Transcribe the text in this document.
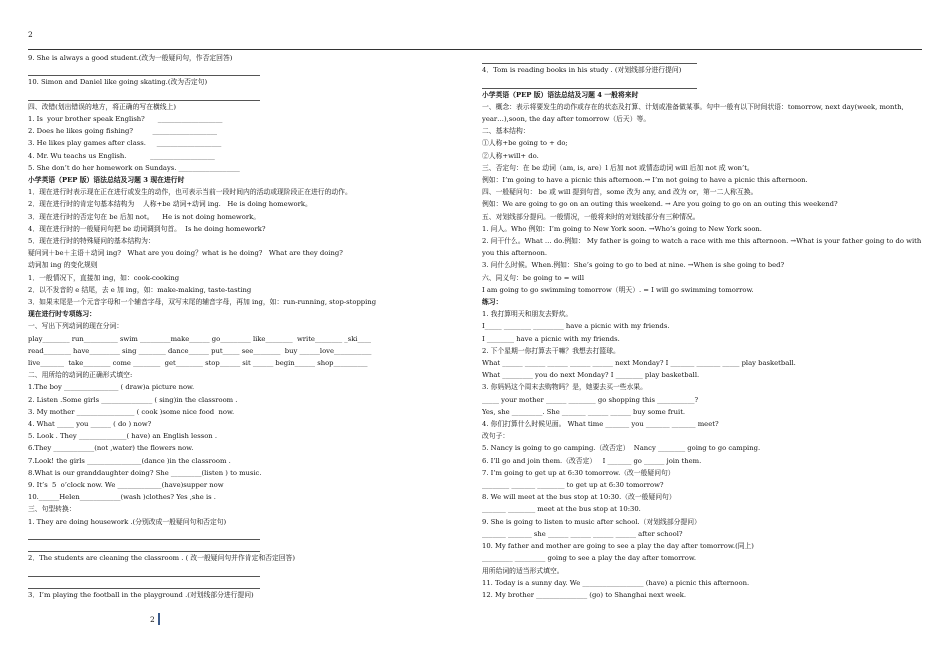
2
9. She is always a good student.(改为一般疑问句，作否定回答)
10. Simon and Daniel like going skating.(改为否定句)
四、改错(划出错误的地方，将正确的写在横线上)
1. Is  your brother speak English?      ___________________
2. Does he likes going fishing?         ___________________
3. He likes play games after class.     ___________________
4. Mr. Wu teachs us English.           ___________________
5. She don’t do her homework on Sundays. __________________
小学英语（PEP 版）语法总结及习题 3 现在进行时
1．现在进行时表示现在正在进行或发生的动作，也可表示当前一段时间内的活动或现阶段正在进行的动作。
2．现在进行时的肯定句基本结构为    人称+be 动词+动词 ing.   He is doing homework。
3．现在进行时的否定句在 be 后加 not。    He is not doing homework。
4．现在进行时的一般疑问句把 be 动词调到句首。  Is he doing homework?
5．现在进行时的特殊疑问的基本结构为：
疑问词＋be＋主语＋动词 ing?   What are you doing？what is he doing?   What are they doing?
动词加 ing 的变化规则
1．一般情况下，直接加 ing，如：cook-cooking
2．以不发音的 e 结尾，去 e 加 ing，如：make-making, taste-tasting
3．如果末尾是一个元音字母和一个辅音字母，双写末尾的辅音字母，再加 ing，如：run-running, stop-stopping
现在进行时专项练习：
一、写出下列动词的现在分词：
play________ run__________ swim _________make______ go_________ like________  write________ _ski____
read________ have_________ sing ________ dance______ put_____ see________  buy ______love___________
live_______  take________ come ________  get________ stop______ sit ______ begin______ shop__________
二、用所给的动词的正确形式填空:
1.The boy ________________ ( draw)a picture now.
2. Listen .Some girls _______________ ( sing)in the classroom .
3. My mother _________________ ( cook )some nice food  now.
4. What _____ you ______ ( do ) now?
5. Look . They ______________( have) an English lesson .
6.They ____________(not ,water) the flowers now.
7.Look! the girls ________________(dance )in the classroom .
8.What is our granddaughter doing? She _________(listen ) to music.
9. It’s  5  o’clock now. We _____________(have)supper now
10.______Helen____________(wash )clothes? Yes ,she is .
三、句型转换：
1. They are doing housework .(分别改成一般疑问句和否定句)
2．The students are cleaning the classroom . ( 改一般疑问句并作肯定和否定回答)
3．I’m playing the football in the playground .(对划线部分进行提问)
4．Tom is reading books in his study . (对划线部分进行提问)
小学英语（PEP 版）语法总结及习题 4 一般将来时
一、概念：表示将要发生的动作或存在的状态及打算、计划或准备做某事。句中一般有以下时间状语：tomorrow, next day(week, month, year…),soon, the day after tomorrow（后天）等。
二、基本结构：
①人称+be going to + do;
②人称+will+ do.
三、否定句：在 be 动词（am, is, are）l 后加 not 或情态动词 will 后加 not 成 won’t。
例如：I’m going to have a picnic this afternoon.→ I’m not going to have a picnic this afternoon.
四、一般疑问句： be 或 will 提到句首，some 改为 any, and 改为 or，第一二人称互换。
例如：We are going to go on an outing this weekend. → Are you going to go on an outing this weekend?
五、对划线部分提问。一般情况，一般将来时的对划线部分有三种情况。
1. 问人。Who 例如：I’m going to New York soon. →Who’s going to New York soon.
2. 问干什么。What … do.例如： My father is going to watch a race with me this afternoon. →What is your father going to do with you this afternoon.
3. 问什么时候。When.例如：She’s going to go to bed at nine. →When is she going to bed?
六、同义句：be going to = will
I am going to go swimming tomorrow（明天）. = I will go swimming tomorrow.
练习：
1. 我打算明天和朋友去野炊。
I_____ ________ _________ have a picnic with my friends.
I ________ have a picnic with my friends.
2. 下个星期一你打算去干嘛？我想去打篮球。
What ______ ______ ______ ______ ______ next Monday? I _______ _______ _____ play basketball.
What _________ you do next Monday? I ________ play basketball.
3. 你妈妈这个周末去购物吗？是，她要去买一些水果。
_____ your mother ______ ________ go shopping this ___________?
Yes, she _________. She _______ ______ ______ buy some fruit.
4. 你们打算什么时候见面。 What time _______ you _______ _______ meet?
改句子：
5. Nancy is going to go camping.（改否定）  Nancy ________ going to go camping.
6. I’ll go and join them.（改否定）   I _______ go ______ join them.
7. I’m going to get up at 6:30 tomorrow.（改一般疑问句）
________ _______ ________ to get up at 6:30 tomorrow?
8. We will meet at the bus stop at 10:30.（改一般疑问句）
_______ ________ meet at the bus stop at 10:30.
9. She is going to listen to music after school.（对划线部分提问）
_______ _______ she ______ ______ ______ ______ after school?
10. My father and mother are going to see a play the day after tomorrow.(同上)
_________ _________ going to see a play the day after tomorrow.
用所给词的适当形式填空。
11. Today is a sunny day. We __________________ (have) a picnic this afternoon.
12. My brother _______________ (go) to Shanghai next week.
2
